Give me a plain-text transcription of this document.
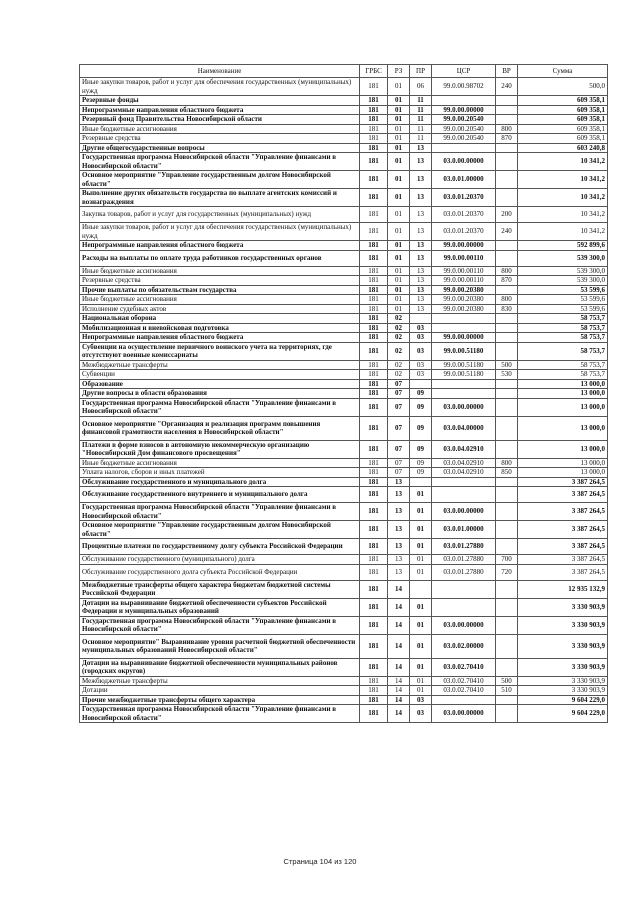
Наименование	ГРБС	РЗ	ПР	ЦСР	ВР	Сумма
Иные закупки товаров, работ и услуг для обеспечения государственных (муниципальных) нужд	181	01	06	99.0.00.98702	240	500,0
Резервные фонды	181	01	11			609 358,1
Непрограммные направления областного бюджета	181	01	11	99.0.00.00000		609 358,1
Резервный фонд Правительства Новосибирской области	181	01	11	99.0.00.20540		609 358,1
Иные бюджетные ассигнования	181	01	11	99.0.00.20540	800	609 358,1
Резервные средства	181	01	11	99.0.00.20540	870	609 358,1
Другие общегосударственные вопросы	181	01	13			603 240,8
Государственная программа Новосибирской области "Управление финансами в Новосибирской области"	181	01	13	03.0.00.00000		10 341,2
Основное мероприятие "Управление государственным долгом Новосибирской области"	181	01	13	03.0.01.00000		10 341,2
Выполнение других обязательств государства по выплате агентских комиссий и вознаграждения	181	01	13	03.0.01.20370		10 341,2
Закупка товаров, работ и услуг для государственных (муниципальных) нужд	181	01	13	03.0.01.20370	200	10 341,2
Иные закупки товаров, работ и услуг для обеспечения государственных (муниципальных) нужд	181	01	13	03.0.01.20370	240	10 341,2
Непрограммные направления областного бюджета	181	01	13	99.0.00.00000		592 899,6
Расходы на выплаты по оплате труда работников государственных органов	181	01	13	99.0.00.00110		539 300,0
Иные бюджетные ассигнования	181	01	13	99.0.00.00110	800	539 300,0
Резервные средства	181	01	13	99.0.00.00110	870	539 300,0
Прочие выплаты по обязательствам государства	181	01	13	99.0.00.20380		53 599,6
Иные бюджетные ассигнования	181	01	13	99.0.00.20380	800	53 599,6
Исполнение судебных актов	181	01	13	99.0.00.20380	830	53 599,6
Национальная оборона	181	02				58 753,7
Мобилизационная и вневойсковая подготовка	181	02	03			58 753,7
Непрограммные направления областного бюджета	181	02	03	99.0.00.00000		58 753,7
Субвенции на осуществление первичного воинского учета на территориях, где отсутствуют военные комиссариаты	181	02	03	99.0.00.51180		58 753,7
Межбюджетные трансферты	181	02	03	99.0.00.51180	500	58 753,7
Субвенции	181	02	03	99.0.00.51180	530	58 753,7
Образование	181	07				13 000,0
Другие вопросы в области образования	181	07	09			13 000,0
Государственная программа Новосибирской области "Управление финансами в Новосибирской области"	181	07	09	03.0.00.00000		13 000,0
Основное мероприятие "Организация и реализация программ повышения финансовой грамотности населения в Новосибирской области"	181	07	09	03.0.04.00000		13 000,0
Платежи в форме взносов в автономную некоммерческую организацию "Новосибирский Дом финансового просвещения"	181	07	09	03.0.04.02910		13 000,0
Иные бюджетные ассигнования	181	07	09	03.0.04.02910	800	13 000,0
Уплата налогов, сборов и иных платежей	181	07	09	03.0.04.02910	850	13 000,0
Обслуживание государственного и муниципального долга	181	13				3 387 264,5
Обслуживание государственного внутреннего и муниципального долга	181	13	01			3 387 264,5
Государственная программа Новосибирской области "Управление финансами в Новосибирской области"	181	13	01	03.0.00.00000		3 387 264,5
Основное мероприятие "Управление государственным долгом Новосибирской области"	181	13	01	03.0.01.00000		3 387 264,5
Процентные платежи по государственному долгу субъекта Российской Федерации	181	13	01	03.0.01.27880		3 387 264,5
Обслуживание государственного (муниципального) долга	181	13	01	03.0.01.27880	700	3 387 264,5
Обслуживание государственного долга субъекта Российской Федерации	181	13	01	03.0.01.27880	720	3 387 264,5
Межбюджетные трансферты общего характера бюджетам бюджетной системы Российской Федерации	181	14				12 935 132,9
Дотации на выравнивание бюджетной обеспеченности субъектов Российской Федерации и муниципальных образований	181	14	01			3 330 903,9
Государственная программа Новосибирской области "Управление финансами в Новосибирской области"	181	14	01	03.0.00.00000		3 330 903,9
Основное мероприятие" Выравнивание уровня расчетной бюджетной обеспеченности муниципальных образований Новосибирской области"	181	14	01	03.0.02.00000		3 330 903,9
Дотации на выравнивание бюджетной обеспеченности муниципальных районов (городских округов)	181	14	01	03.0.02.70410		3 330 903,9
Межбюджетные трансферты	181	14	01	03.0.02.70410	500	3 330 903,9
Дотации	181	14	01	03.0.02.70410	510	3 330 903,9
Прочие межбюджетные трансферты общего характера	181	14	03			9 604 229,0
Государственная программа Новосибирской области "Управление финансами в Новосибирской области"	181	14	03	03.0.00.00000		9 604 229,0
Страница 104 из 120
